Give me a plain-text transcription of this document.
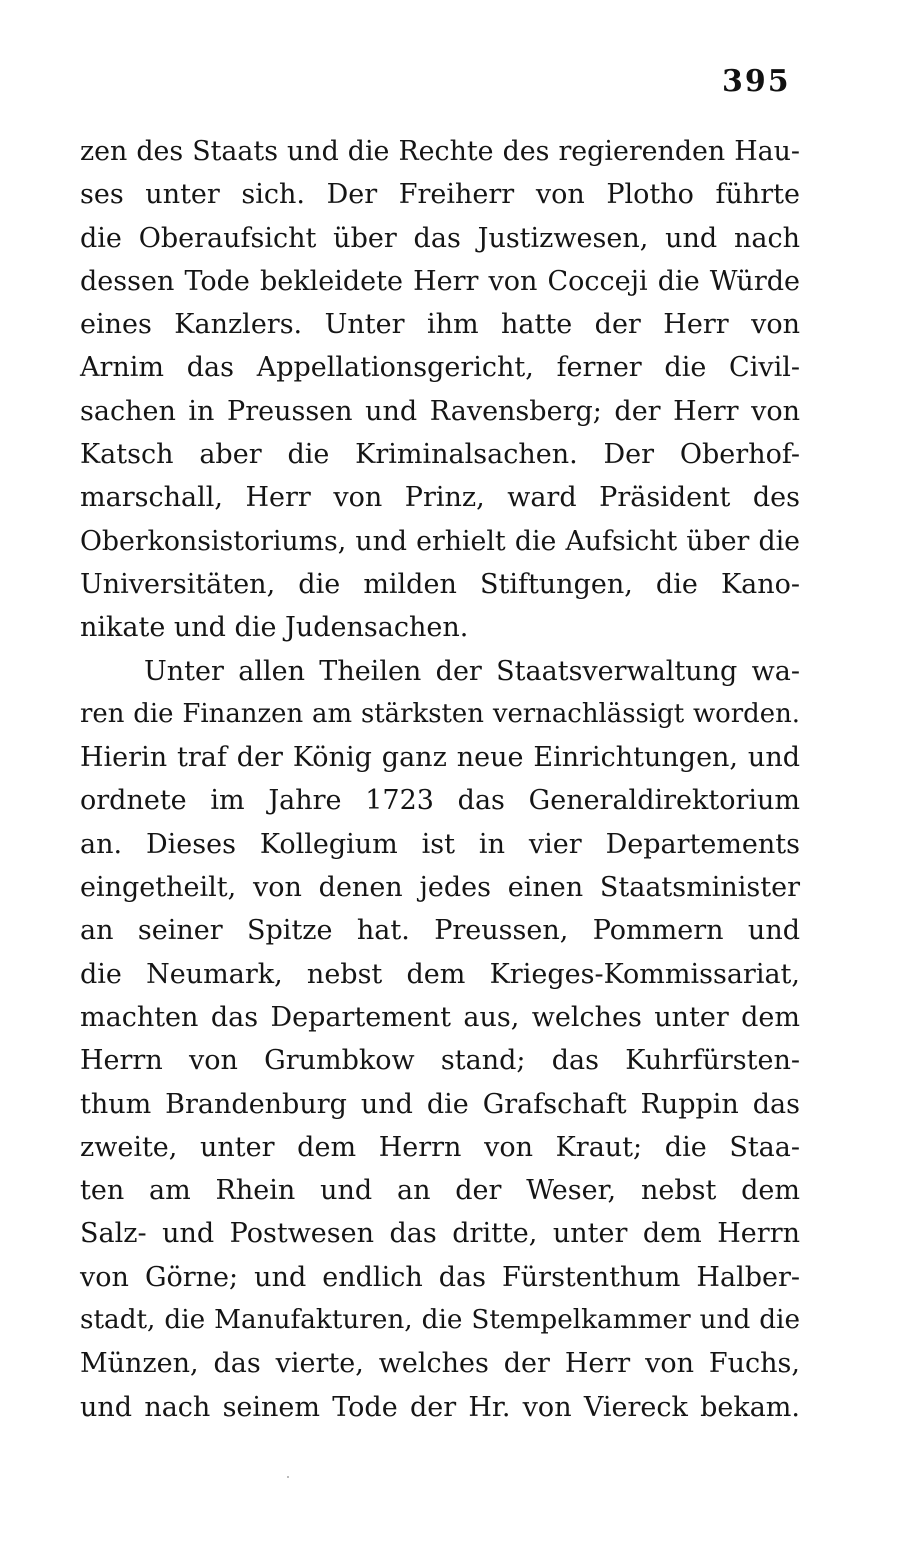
395
zen des Staats und die Rechte des regierenden Hau-
ses unter sich. Der Freiherr von Plotho führte
die Oberaufsicht über das Justizwesen, und nach
dessen Tode bekleidete Herr von Cocceji die Würde
eines Kanzlers. Unter ihm hatte der Herr von
Arnim das Appellationsgericht, ferner die Civil-
sachen in Preussen und Ravensberg; der Herr von
Katsch aber die Kriminalsachen. Der Oberhof-
marschall, Herr von Prinz, ward Präsident des
Oberkonsistoriums, und erhielt die Aufsicht über die
Universitäten, die milden Stiftungen, die Kano-
nikate und die Judensachen.
Unter allen Theilen der Staatsverwaltung wa-
ren die Finanzen am stärksten vernachlässigt worden.
Hierin traf der König ganz neue Einrichtungen, und
ordnete im Jahre 1723 das Generaldirektorium
an. Dieses Kollegium ist in vier Departements
eingetheilt, von denen jedes einen Staatsminister
an seiner Spitze hat. Preussen, Pommern und
die Neumark, nebst dem Krieges-Kommissariat,
machten das Departement aus, welches unter dem
Herrn von Grumbkow stand; das Kuhrfürsten-
thum Brandenburg und die Grafschaft Ruppin das
zweite, unter dem Herrn von Kraut; die Staa-
ten am Rhein und an der Weser, nebst dem
Salz- und Postwesen das dritte, unter dem Herrn
von Görne; und endlich das Fürstenthum Halber-
stadt, die Manufakturen, die Stempelkammer und die
Münzen, das vierte, welches der Herr von Fuchs,
und nach seinem Tode der Hr. von Viereck bekam.
